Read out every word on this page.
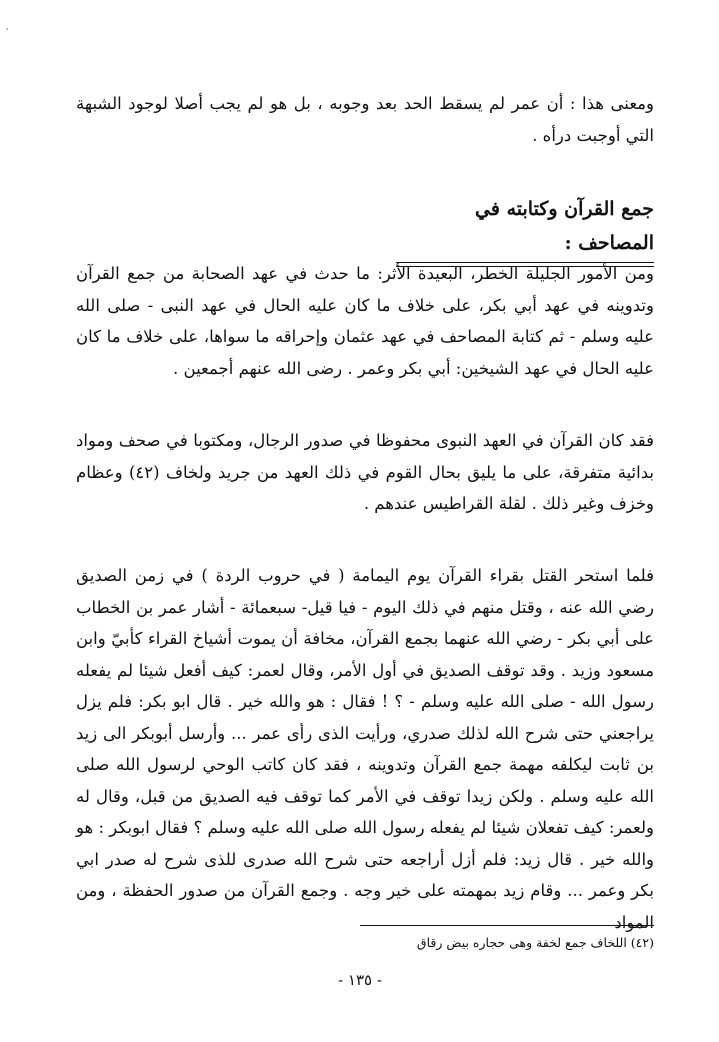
ومعنى هذا : أن عمر لم يسقط الحد بعد وجوبه ، بل هو لم يجب أصلا لوجود الشبهة التي أوجبت درأه .

جمع القرآن وكتابته في المصاحف :

ومن الأمور الجليلة الخطر، البعيدة الأثر: ما حدث في عهد الصحابة من جمع القرآن وتدوينه في عهد أبي بكر، على خلاف ما كان عليه الحال في عهد النبى - صلى الله عليه وسلم - ثم كتابة المصاحف في عهد عثمان وإحراقه ما سواها، على خلاف ما كان عليه الحال في عهد الشيخين: أبي بكر وعمر . رضى الله عنهم أجمعين .

فقد كان القرآن في العهد النبوى محفوظا في صدور الرجال، ومكتوبا في صحف ومواد بدائية متفرقة، على ما يليق بحال القوم في ذلك العهد من جريد ولخاف (٤٢) وعظام وخزف وغير ذلك . لقلة القراطيس عندهم .

فلما استحر القتل بقراء القرآن يوم اليمامة ( في حروب الردة ) في زمن الصديق رضي الله عنه ، وقتل منهم في ذلك اليوم - فيا قيل- سبعمائة - أشار عمر بن الخطاب على أبي بكر - رضي الله عنهما بجمع القرآن، مخافة أن يموت أشياخ القراء كأبيّ وابن مسعود وزيد . وقد توقف الصديق في أول الأمر، وقال لعمر: كيف أفعل شيئا لم يفعله رسول الله - صلى الله عليه وسلم - ؟ ! فقال : هو والله خير . قال ابو بكر: فلم يزل يراجعني حتى شرح الله لذلك صدري، ورأيت الذى رأى عمر ... وأرسل أبوبكر الى زيد بن ثابت ليكلفه مهمة جمع القرآن وتدوينه ، فقد كان كاتب الوحي لرسول الله صلى الله عليه وسلم . ولكن زيدا توقف في الأمر كما توقف فيه الصديق من قبل، وقال له ولعمر: كيف تفعلان شيئا لم يفعله رسول الله صلى الله عليه وسلم ؟ فقال ابوبكر : هو والله خير . قال زيد: فلم أزل أراجعه حتى شرح الله صدرى للذى شرح له صدر ابي بكر وعمر ... وقام زيد بمهمته على خير وجه . وجمع القرآن من صدور الحفظة ، ومن المواد

(٤٢) اللخاف جمع لخفة وهى حجاره بيض رقاق

- ١٣٥ -
